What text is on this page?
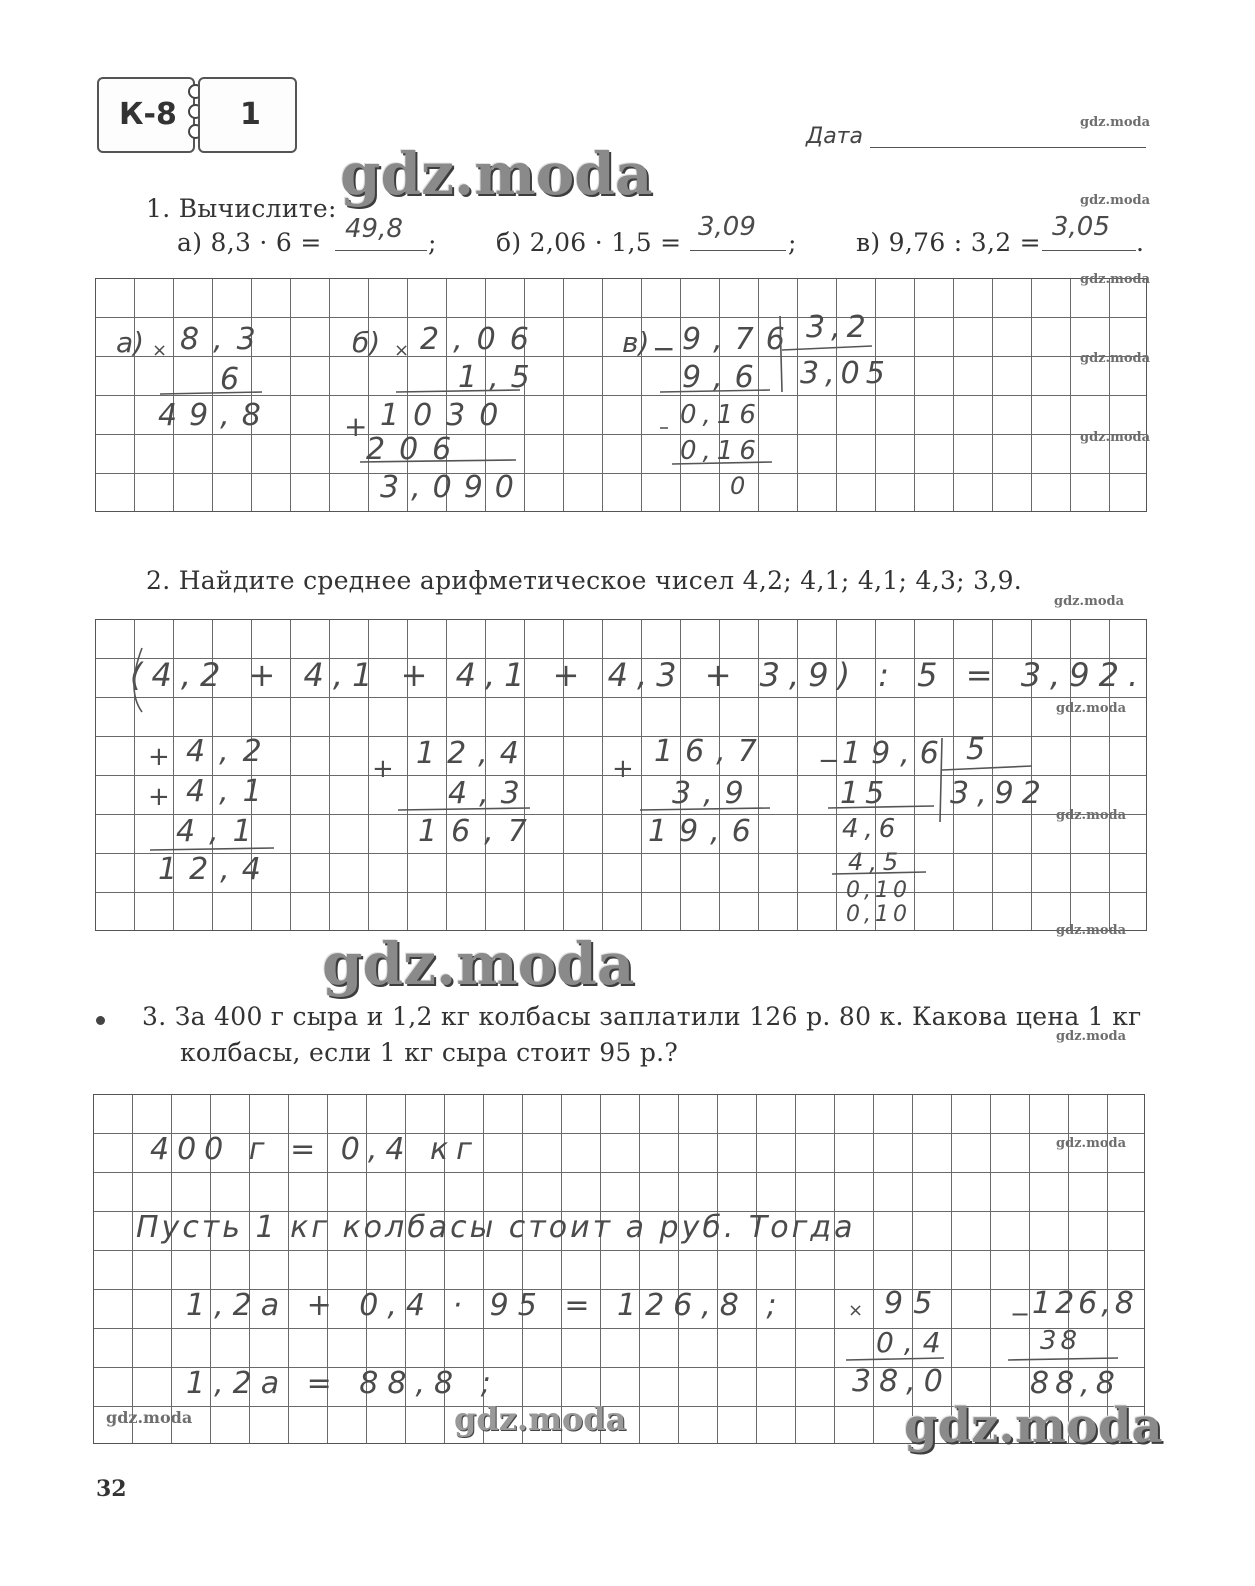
К-8 1
Дата
gdz.moda
gdz.moda
1. Вычислите:	gdz.moda
а) 8,3 · 6 = 49,8 ; б) 2,06 · 1,5 =
3,09
; в) 9,76 : 3,2 =
3,05
.
gdz.moda
gdz.moda
gdz.moda
а) × 8,3
6
49,8
б) × 2,06
1,5
+ 1030
206
3,090
в) − 9,76 3,2
3,05
9,6
0,16
0,16
0
2. Найдите среднее арифметическое чисел 4,2; 4,1; 4,1; 4,3; 3,9.
gdz.moda
gdz.moda
gdz.moda
gdz.moda
(4,2 + 4,1 + 4,1 + 4,3 + 3,9) : 5 = 3,92.
+ 4,2
+ 4,1
4,1
12,4
+ 12,4
4,3
16,7
+ 16,7
3,9
19,6
− 19,6 5
3,92
15
4,6
4,5
0,10
0,10
gdz.moda
3. За 400 г сыра и 1,2 кг колбасы заплатили 126 р. 80 к. Какова цена 1 кг
колбасы, если 1 кг сыра стоит 95 р.?
gdz.moda
gdz.moda
400 г = 0,4 кг
Пусть 1 кг колбасы стоит а руб. Тогда
1,2а + 0,4 · 95 = 126,8 ;
1,2а = 88,8 ;
× 95
0,4
38,0
− 126,8
38
88,8
gdz.moda	gdz.moda	gdz.moda
32
